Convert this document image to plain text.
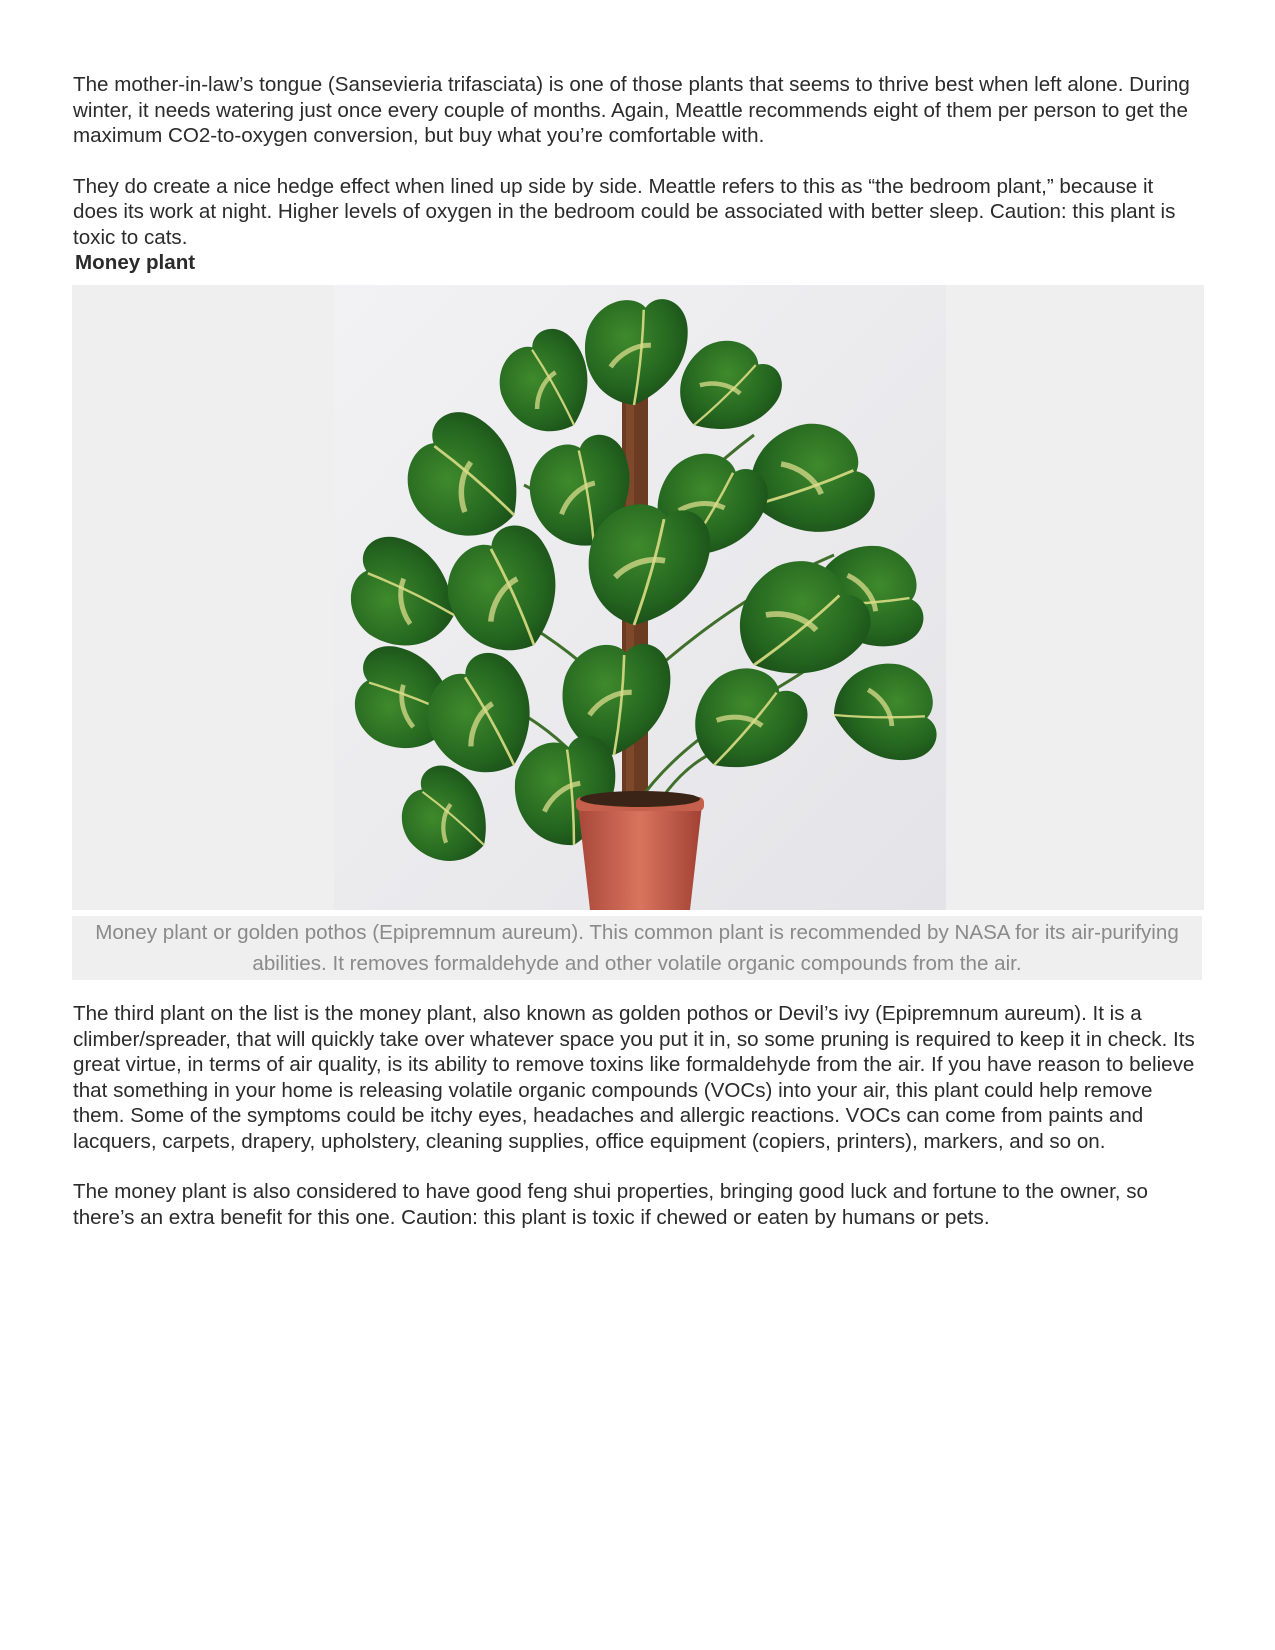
The mother-in-law’s tongue (Sansevieria trifasciata) is one of those plants that seems to thrive best when left alone. During winter, it needs watering just once every couple of months. Again, Meattle recommends eight of them per person to get the maximum CO2-to-oxygen conversion, but buy what you’re comfortable with.

They do create a nice hedge effect when lined up side by side. Meattle refers to this as “the bedroom plant,” because it does its work at night. Higher levels of oxygen in the bedroom could be associated with better sleep. Caution: this plant is toxic to cats.

Money plant

Money plant or golden pothos (Epipremnum aureum). This common plant is recommended by NASA for its air-purifying abilities. It removes formaldehyde and other volatile organic compounds from the air.

The third plant on the list is the money plant, also known as golden pothos or Devil’s ivy (Epipremnum aureum). It is a climber/spreader, that will quickly take over whatever space you put it in, so some pruning is required to keep it in check. Its great virtue, in terms of air quality, is its ability to remove toxins like formaldehyde from the air. If you have reason to believe that something in your home is releasing volatile organic compounds (VOCs) into your air, this plant could help remove them. Some of the symptoms could be itchy eyes, headaches and allergic reactions. VOCs can come from paints and lacquers, carpets, drapery, upholstery, cleaning supplies, office equipment (copiers, printers), markers, and so on.

The money plant is also considered to have good feng shui properties, bringing good luck and fortune to the owner, so there’s an extra benefit for this one. Caution: this plant is toxic if chewed or eaten by humans or pets.
